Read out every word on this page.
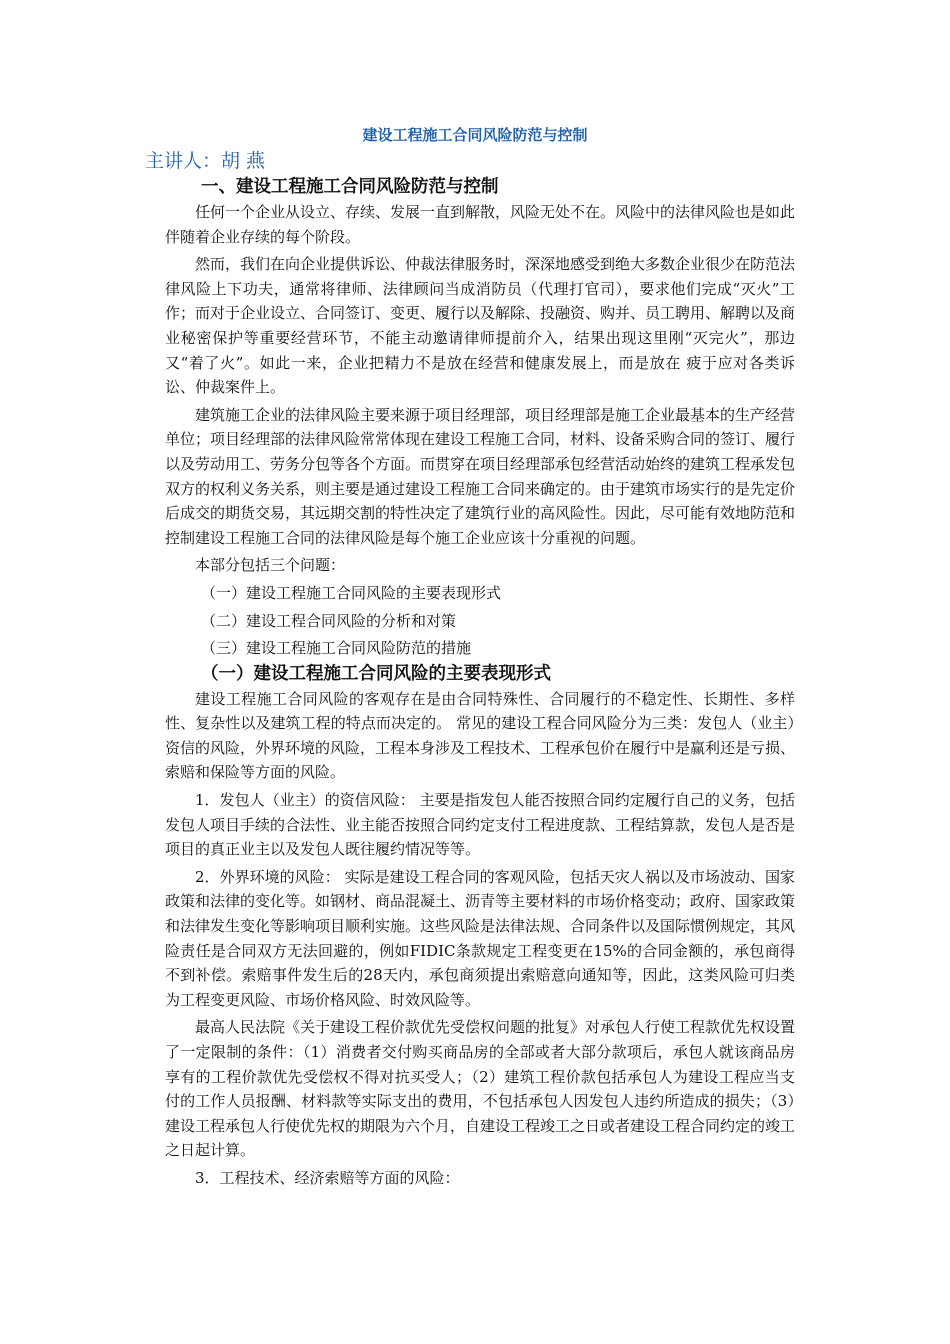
建设工程施工合同风险防范与控制
主讲人：胡 燕

一、建设工程施工合同风险防范与控制

任何一个企业从设立、存续、发展一直到解散，风险无处不在。风险中的法律风险也是如此伴随着企业存续的每个阶段。

然而，我们在向企业提供诉讼、仲裁法律服务时，深深地感受到绝大多数企业很少在防范法律风险上下功夫，通常将律师、法律顾问当成消防员（代理打官司），要求他们完成“灭火”工作；而对于企业设立、合同签订、变更、履行以及解除、投融资、购并、员工聘用、解聘以及商业秘密保护等重要经营环节，不能主动邀请律师提前介入，结果出现这里刚“灭完火”，那边又“着了火”。如此一来，企业把精力不是放在经营和健康发展上，而是放在 疲于应对各类诉讼、仲裁案件上。

建筑施工企业的法律风险主要来源于项目经理部，项目经理部是施工企业最基本的生产经营单位；项目经理部的法律风险常常体现在建设工程施工合同，材料、设备采购合同的签订、履行以及劳动用工、劳务分包等各个方面。而贯穿在项目经理部承包经营活动始终的建筑工程承发包双方的权利义务关系，则主要是通过建设工程施工合同来确定的。由于建筑市场实行的是先定价后成交的期货交易，其远期交割的特性决定了建筑行业的高风险性。因此，尽可能有效地防范和控制建设工程施工合同的法律风险是每个施工企业应该十分重视的问题。

本部分包括三个问题：

（一）建设工程施工合同风险的主要表现形式

（二）建设工程合同风险的分析和对策

（三）建设工程施工合同风险防范的措施

（一）建设工程施工合同风险的主要表现形式

建设工程施工合同风险的客观存在是由合同特殊性、合同履行的不稳定性、长期性、多样性、复杂性以及建筑工程的特点而决定的。 常见的建设工程合同风险分为三类：发包人（业主）资信的风险，外界环境的风险，工程本身涉及工程技术、工程承包价在履行中是赢利还是亏损、索赔和保险等方面的风险。

1．发包人（业主）的资信风险： 主要是指发包人能否按照合同约定履行自己的义务，包括发包人项目手续的合法性、业主能否按照合同约定支付工程进度款、工程结算款，发包人是否是项目的真正业主以及发包人既往履约情况等等。

2．外界环境的风险： 实际是建设工程合同的客观风险，包括天灾人祸以及市场波动、国家政策和法律的变化等。如钢材、商品混凝土、沥青等主要材料的市场价格变动；政府、国家政策和法律发生变化等影响项目顺利实施。这些风险是法律法规、合同条件以及国际惯例规定，其风险责任是合同双方无法回避的，例如FIDIC条款规定工程变更在15%的合同金额的，承包商得不到补偿。索赔事件发生后的28天内，承包商须提出索赔意向通知等，因此，这类风险可归类为工程变更风险、市场价格风险、时效风险等。

最高人民法院《关于建设工程价款优先受偿权问题的批复》对承包人行使工程款优先权设置了一定限制的条件：（1）消费者交付购买商品房的全部或者大部分款项后，承包人就该商品房享有的工程价款优先受偿权不得对抗买受人；（2）建筑工程价款包括承包人为建设工程应当支付的工作人员报酬、材料款等实际支出的费用，不包括承包人因发包人违约所造成的损失；（3）建设工程承包人行使优先权的期限为六个月，自建设工程竣工之日或者建设工程合同约定的竣工之日起计算。

3．工程技术、经济索赔等方面的风险：
